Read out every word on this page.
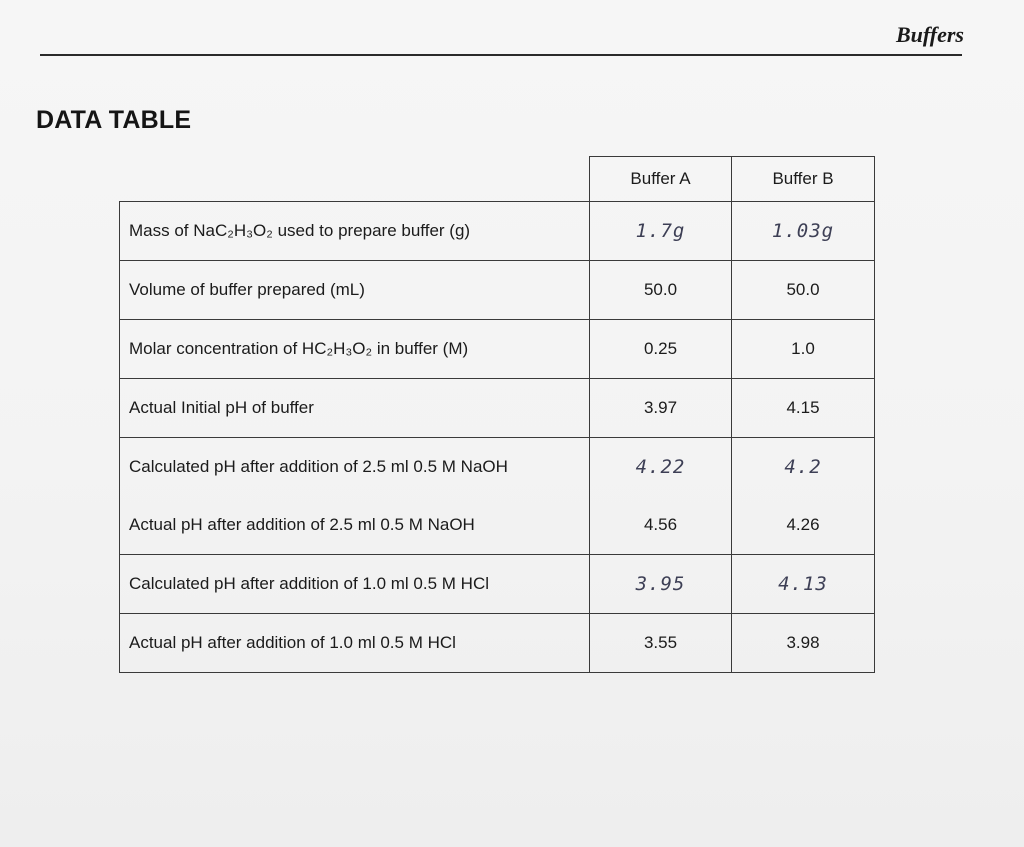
Buffers
DATA TABLE
	Buffer A	Buffer B
Mass of NaC₂H₃O₂ used to prepare buffer (g)	1.7g	1.03g
Volume of buffer prepared (mL)	50.0	50.0
Molar concentration of HC₂H₃O₂ in buffer (M)	0.25	1.0
Actual Initial pH of buffer	3.97	4.15
Calculated pH after addition of 2.5 ml 0.5 M NaOH	4.22	4.2
Actual pH after addition of 2.5 ml 0.5 M NaOH	4.56	4.26
Calculated pH after addition of 1.0 ml 0.5 M HCl	3.95	4.13
Actual pH after addition of 1.0 ml 0.5 M HCl	3.55	3.98
